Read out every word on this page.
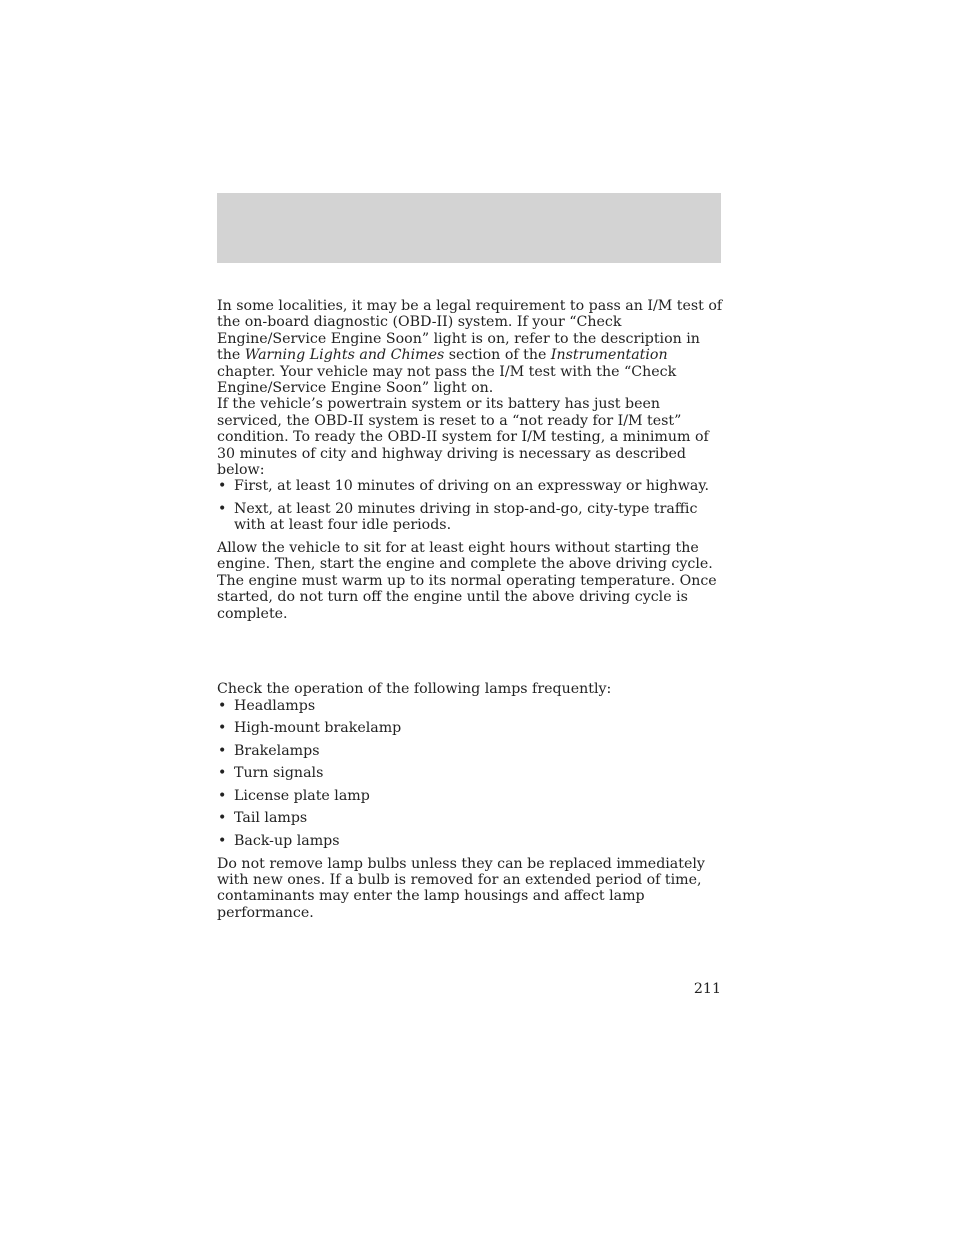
In some localities, it may be a legal requirement to pass an I/M test of the on-board diagnostic (OBD-II) system. If your “Check Engine/Service Engine Soon” light is on, refer to the description in the Warning Lights and Chimes section of the Instrumentation chapter. Your vehicle may not pass the I/M test with the “Check Engine/Service Engine Soon” light on.

If the vehicle’s powertrain system or its battery has just been serviced, the OBD-II system is reset to a “not ready for I/M test” condition. To ready the OBD-II system for I/M testing, a minimum of 30 minutes of city and highway driving is necessary as described below:

• First, at least 10 minutes of driving on an expressway or highway.
• Next, at least 20 minutes driving in stop-and-go, city-type traffic with at least four idle periods.

Allow the vehicle to sit for at least eight hours without starting the engine. Then, start the engine and complete the above driving cycle. The engine must warm up to its normal operating temperature. Once started, do not turn off the engine until the above driving cycle is complete.

Check the operation of the following lamps frequently:

• Headlamps
• High-mount brakelamp
• Brakelamps
• Turn signals
• License plate lamp
• Tail lamps
• Back-up lamps

Do not remove lamp bulbs unless they can be replaced immediately with new ones. If a bulb is removed for an extended period of time, contaminants may enter the lamp housings and affect lamp performance.

211
